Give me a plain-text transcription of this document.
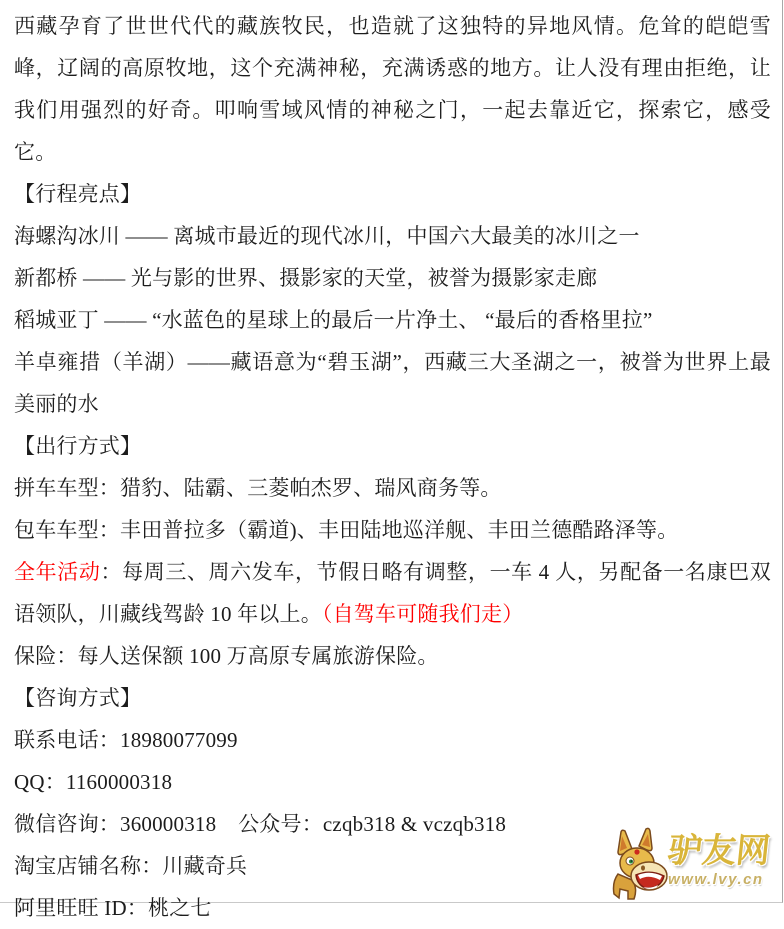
西藏孕育了世世代代的藏族牧民，也造就了这独特的异地风情。危耸的皑皑雪峰，辽阔的高原牧地，这个充满神秘，充满诱惑的地方。让人没有理由拒绝，让我们用强烈的好奇。叩响雪域风情的神秘之门，一起去靠近它，探索它，感受它。

【行程亮点】

海螺沟冰川 —— 离城市最近的现代冰川，中国六大最美的冰川之一

新都桥 —— 光与影的世界、摄影家的天堂，被誉为摄影家走廊

稻城亚丁 —— “水蓝色的星球上的最后一片净土、 “最后的香格里拉”

羊卓雍措（羊湖）——藏语意为“碧玉湖”，西藏三大圣湖之一，被誉为世界上最美丽的水

【出行方式】

拼车车型：猎豹、陆霸、三菱帕杰罗、瑞风商务等。

包车车型：丰田普拉多（霸道)、丰田陆地巡洋舰、丰田兰德酷路泽等。

全年活动：每周三、周六发车，节假日略有调整，一车 4 人，另配备一名康巴双语领队，川藏线驾龄 10 年以上。（自驾车可随我们走）

保险：每人送保额 100 万高原专属旅游保险。

【咨询方式】

联系电话：18980077099

QQ：1160000318

微信咨询：360000318    公众号：czqb318 & vczqb318

淘宝店铺名称：川藏奇兵

阿里旺旺 ID：桃之七

驴友网
www.lvy.cn
